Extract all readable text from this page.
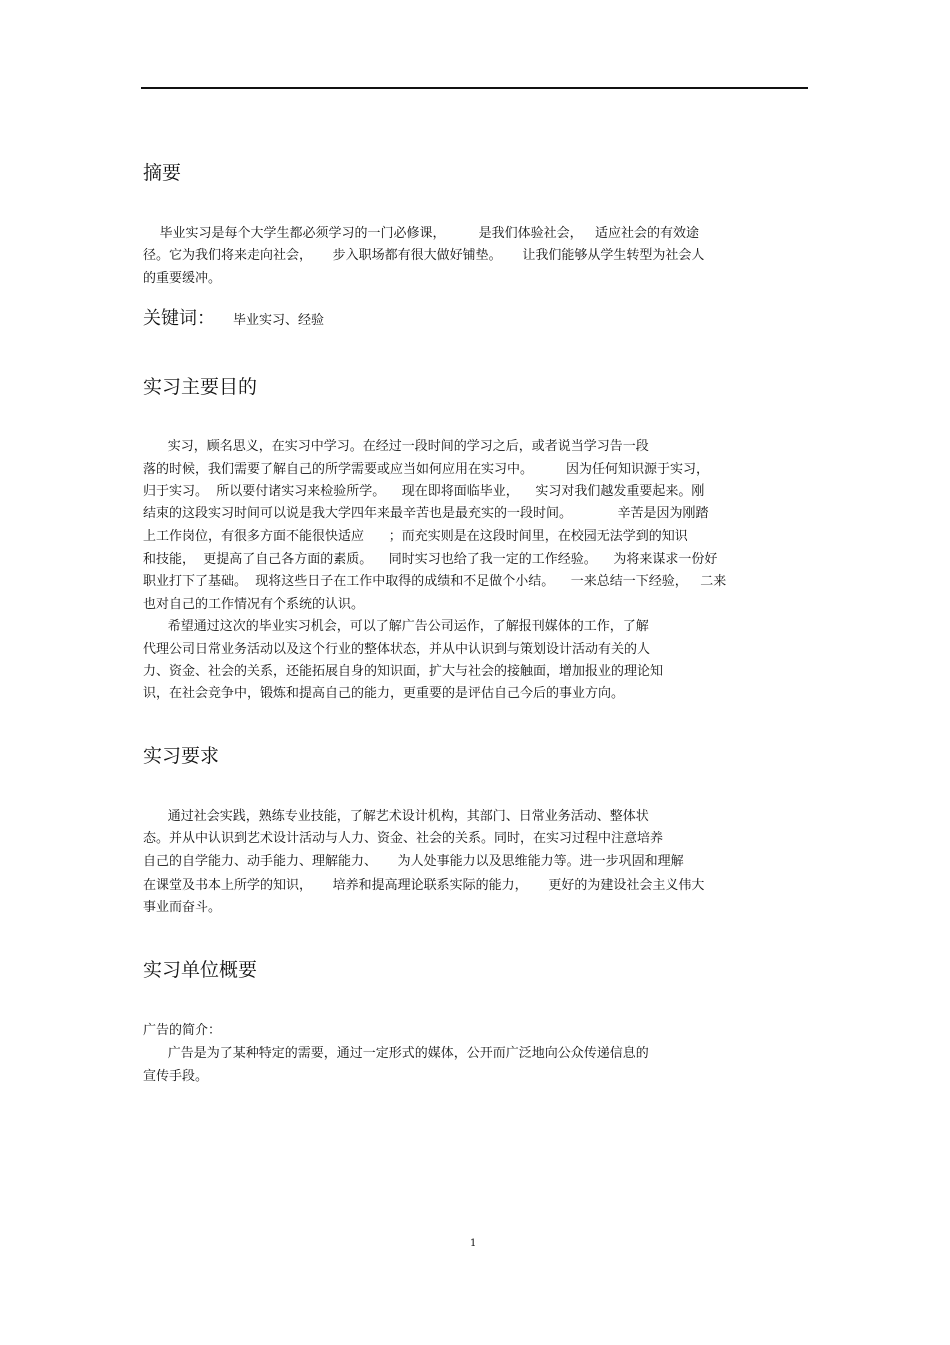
摘要
毕业实习是每个大学生都必须学习的一门必修课，        是我们体验社会，   适应社会的有效途
径。它为我们将来走向社会，     步入职场都有很大做好铺垫。     让我们能够从学生转型为社会人
的重要缓冲。
关键词： 毕业实习、经验
实习主要目的
实习，顾名思义，在实习中学习。在经过一段时间的学习之后，或者说当学习告一段
落的时候，我们需要了解自己的所学需要或应当如何应用在实习中。        因为任何知识源于实习，
归于实习。  所以要付诸实习来检验所学。    现在即将面临毕业，    实习对我们越发重要起来。刚
结束的这段实习时间可以说是我大学四年来最辛苦也是最充实的一段时间。           辛苦是因为刚踏
上工作岗位，有很多方面不能很快适应      ；而充实则是在这段时间里，在校园无法学到的知识
和技能，  更提高了自己各方面的素质。    同时实习也给了我一定的工作经验。    为将来谋求一份好
职业打下了基础。  现将这些日子在工作中取得的成绩和不足做个小结。    一来总结一下经验，   二来
也对自己的工作情况有个系统的认识。
希望通过这次的毕业实习机会，可以了解广告公司运作，了解报刊媒体的工作，了解
代理公司日常业务活动以及这个行业的整体状态，并从中认识到与策划设计活动有关的人
力、资金、社会的关系，还能拓展自身的知识面，扩大与社会的接触面，增加报业的理论知
识，在社会竞争中，锻炼和提高自己的能力，更重要的是评估自己今后的事业方向。
实习要求
通过社会实践，熟练专业技能，了解艺术设计机构，其部门、日常业务活动、整体状
态。并从中认识到艺术设计活动与人力、资金、社会的关系。同时，在实习过程中注意培养
自己的自学能力、动手能力、理解能力、     为人处事能力以及思维能力等。进一步巩固和理解
在课堂及书本上所学的知识，     培养和提高理论联系实际的能力，     更好的为建设社会主义伟大
事业而奋斗。
实习单位概要
广告的简介：
广告是为了某种特定的需要，通过一定形式的媒体，公开而广泛地向公众传递信息的
宣传手段。
1
